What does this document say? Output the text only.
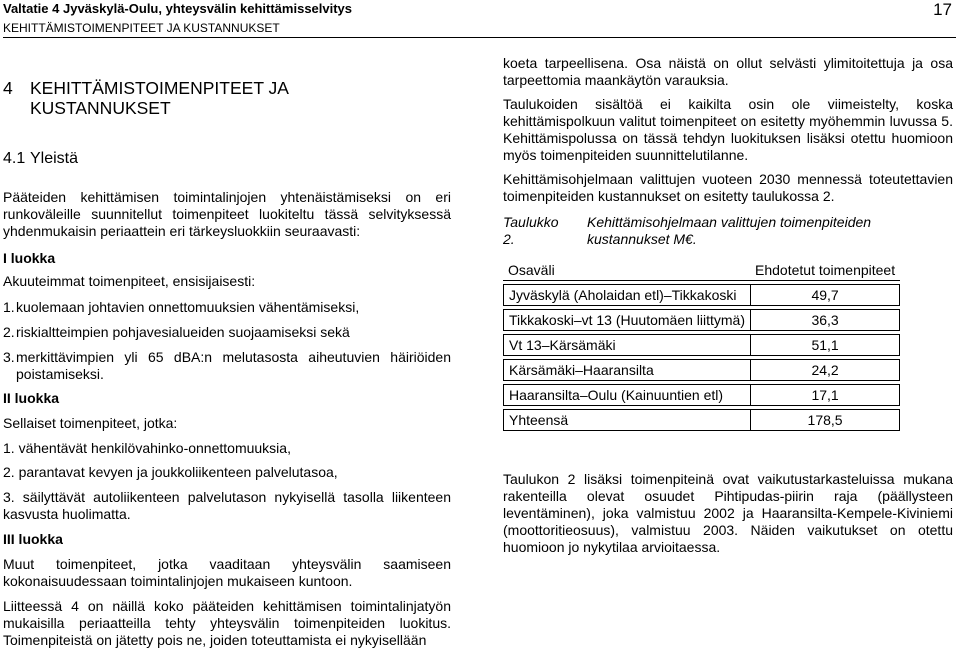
Valtatie 4 Jyväskylä-Oulu, yhteysvälin kehittämisselvitys
KEHITTÄMISTOIMENPITEET JA KUSTANNUKSET
17
4 KEHITTÄMISTOIMENPITEET JA KUSTANNUKSET
4.1 Yleistä
Pääteiden kehittämisen toimintalinjojen yhtenäistämiseksi on eri runkoväleille suunnitellut toimenpiteet luokiteltu tässä selvityksessä yhdenmukaisin periaattein eri tärkeysluokkiin seuraavasti:
I luokka
Akuuteimmat toimenpiteet, ensisijaisesti:
1. kuolemaan johtavien onnettomuuksien vähentämiseksi,
2. riskialtteimpien pohjavesialueiden suojaamiseksi sekä
3. merkittävimpien yli 65 dBA:n melutasosta aiheutuvien häiriöiden poistamiseksi.
II luokka
Sellaiset toimenpiteet, jotka:
1. vähentävät henkilövahinko-onnettomuuksia,
2. parantavat kevyen ja joukkoliikenteen palvelutasoa,
3. säilyttävät autoliikenteen palvelutason nykyisellä tasolla liikenteen kasvusta huolimatta.
III luokka
Muut toimenpiteet, jotka vaaditaan yhteysvälin saamiseen kokonaisuudessaan toimintalinjojen mukaiseen kuntoon.
Liitteessä 4 on näillä koko pääteiden kehittämisen toimintalinjatyön mukaisilla periaatteilla tehty yhteysvälin toimenpiteiden luokitus. Toimenpiteistä on jätetty pois ne, joiden toteuttamista ei nykyisellään
koeta tarpeellisena. Osa näistä on ollut selvästi ylimitoitettuja ja osa tarpeettomia maankäytön varauksia.
Taulukoiden sisältöä ei kaikilta osin ole viimeistelty, koska kehittämispolkuun valitut toimenpiteet on esitetty myöhemmin luvussa 5. Kehittämispolussa on tässä tehdyn luokituksen lisäksi otettu huomioon myös toimenpiteiden suunnittelutilanne.
Kehittämisohjelmaan valittujen vuoteen 2030 mennessä toteutettavien toimenpiteiden kustannukset on esitetty taulukossa 2.
Taulukko 2.
Kehittämisohjelmaan valittujen toimenpiteiden kustannukset M€.
Osaväli	Ehdotetut toimenpiteet
Jyväskylä (Aholaidan etl)–Tikkakoski	49,7
Tikkakoski–vt 13 (Huutomäen liittymä)	36,3
Vt 13–Kärsämäki	51,1
Kärsämäki–Haaransilta	24,2
Haaransilta–Oulu (Kainuuntien etl)	17,1
Yhteensä	178,5
Taulukon 2 lisäksi toimenpiteinä ovat vaikutustarkasteluissa mukana rakenteilla olevat osuudet Pihtipudas-piirin raja (päällysteen leventäminen), joka valmistuu 2002 ja Haaransilta-Kempele-Kiviniemi (moottoritieosuus), valmistuu 2003. Näiden vaikutukset on otettu huomioon jo nykytilaa arvioitaessa.
